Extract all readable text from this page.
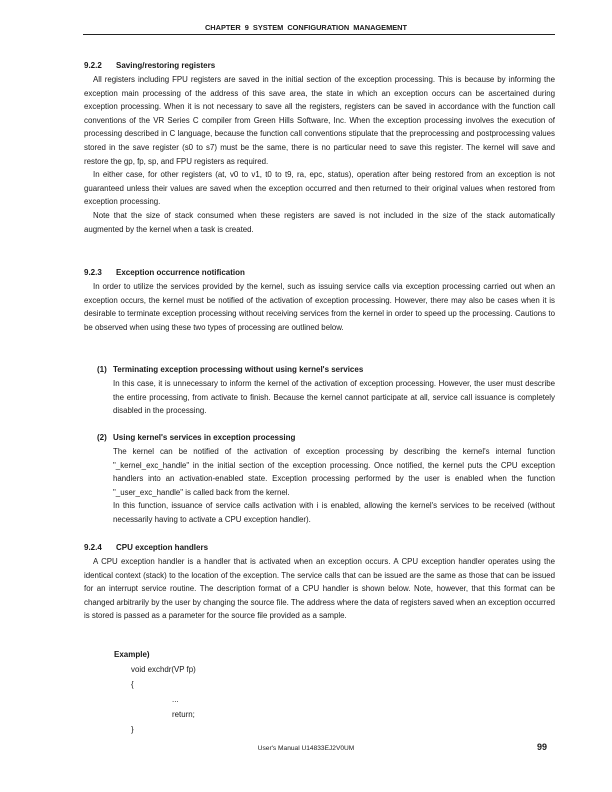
CHAPTER 9 SYSTEM CONFIGURATION MANAGEMENT
9.2.2 Saving/restoring registers

All registers including FPU registers are saved in the initial section of the exception processing. This is because by informing the exception main processing of the address of this save area, the state in which an exception occurs can be ascertained during exception processing. When it is not necessary to save all the registers, registers can be saved in accordance with the function call conventions of the VR Series C compiler from Green Hills Software, Inc. When the exception processing involves the execution of processing described in C language, because the function call conventions stipulate that the preprocessing and postprocessing values stored in the save register (s0 to s7) must be the same, there is no particular need to save this register. The kernel will save and restore the gp, fp, sp, and FPU registers as required.

In either case, for other registers (at, v0 to v1, t0 to t9, ra, epc, status), operation after being restored from an exception is not guaranteed unless their values are saved when the exception occurred and then returned to their original values when restored from exception processing.

Note that the size of stack consumed when these registers are saved is not included in the size of the stack automatically augmented by the kernel when a task is created.

9.2.3 Exception occurrence notification

In order to utilize the services provided by the kernel, such as issuing service calls via exception processing carried out when an exception occurs, the kernel must be notified of the activation of exception processing. However, there may also be cases when it is desirable to terminate exception processing without receiving services from the kernel in order to speed up the processing. Cautions to be observed when using these two types of processing are outlined below.

(1) Terminating exception processing without using kernel's services

In this case, it is unnecessary to inform the kernel of the activation of exception processing. However, the user must describe the entire processing, from activate to finish. Because the kernel cannot participate at all, service call issuance is completely disabled in the processing.

(2) Using kernel's services in exception processing

The kernel can be notified of the activation of exception processing by describing the kernel's internal function "_kernel_exc_handle" in the initial section of the exception processing. Once notified, the kernel puts the CPU exception handlers into an activation-enabled state. Exception processing performed by the user is enabled when the function "_user_exc_handle" is called back from the kernel.

In this function, issuance of service calls activation with i is enabled, allowing the kernel's services to be received (without necessarily having to activate a CPU exception handler).

9.2.4 CPU exception handlers

A CPU exception handler is a handler that is activated when an exception occurs. A CPU exception handler operates using the identical context (stack) to the location of the exception. The service calls that can be issued are the same as those that can be issued for an interrupt service routine. The description format of a CPU handler is shown below. Note, however, that this format can be changed arbitrarily by the user by changing the source file. The address where the data of registers saved when an exception occurred is stored is passed as a parameter for the source file provided as a sample.

Example)
void exchdr(VP fp)
{
...
return;
}
User's Manual U14833EJ2V0UM	99
